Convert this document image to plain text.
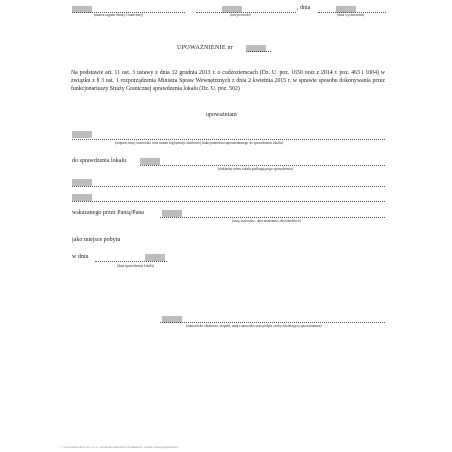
(nazwa organu Straży Granicznej)
, dnia
(miejscowość)	(data wystawienia)
UPOWAŻNIENIE nr
Na podstawie art. 11 ust. 3 ustawy z dnia 12 grudnia 2013 r. o cudzoziemcach (Dz. U. poz. 1650 oraz z 2014 r. poz. 463 i 1004) w związku z § 3 ust. 1 rozporządzenia Ministra Spraw Wewnętrznych z dnia 2 kwietnia 2015 r. w sprawie sposobu dokonywania przez funkcjonariuszy Straży Granicznej sprawdzenia lokalu (Dz. U. poz. 502)
upoważniam
(stopień, imię i nazwisko oraz numer legitymacji służbowej funkcjonariusza upoważnionego do sprawdzenia lokalu)
do sprawdzenia lokalu
(dokładny adres lokalu podlegającego sprawdzeniu)
wskazanego przez Panią/Pana
(imię, nazwisko, data urodzenia, obywatelstwo)
jako miejsce pobytu
w dniu
(data sprawdzenia lokalu)
(stanowisko służbowe, stopień, imię i nazwisko oraz podpis osoby udzielającej upoważnienia)
© www.signform.pl Sp. z o.o., producent zmiennych formularzy, e-mail: biuro@signform.pl
